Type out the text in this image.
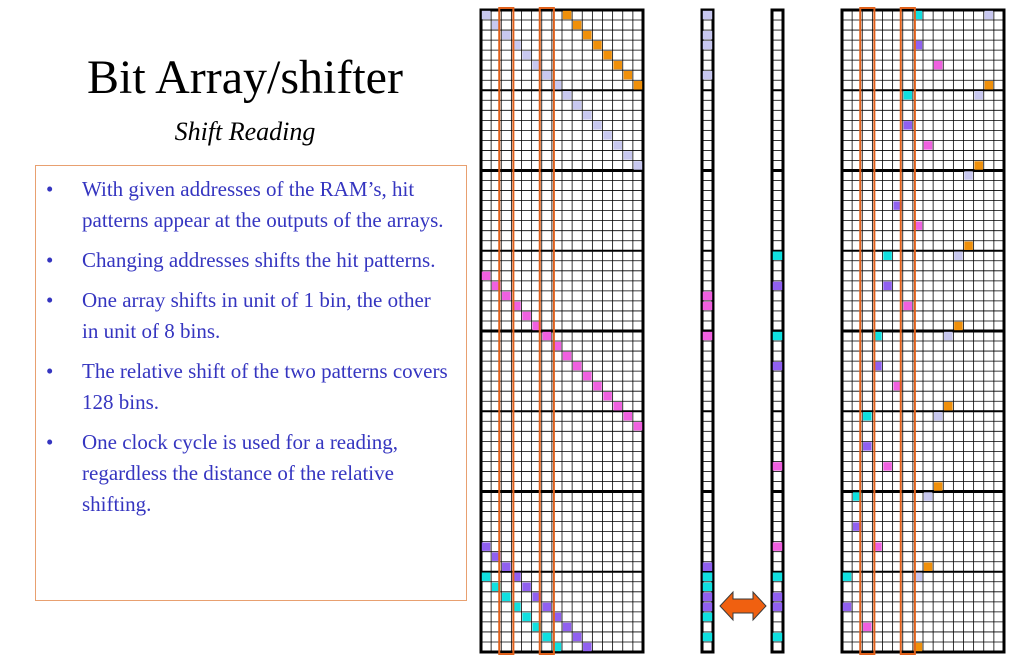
Bit Array/shifter
Shift Reading
• With given addresses of the RAM’s, hit patterns appear at the outputs of the arrays.
• Changing addresses shifts the hit patterns.
• One array shifts in unit of 1 bin, the other in unit of 8 bins.
• The relative shift of the two patterns covers 128 bins.
• One clock cycle is used for a reading, regardless the distance of the relative shifting.
